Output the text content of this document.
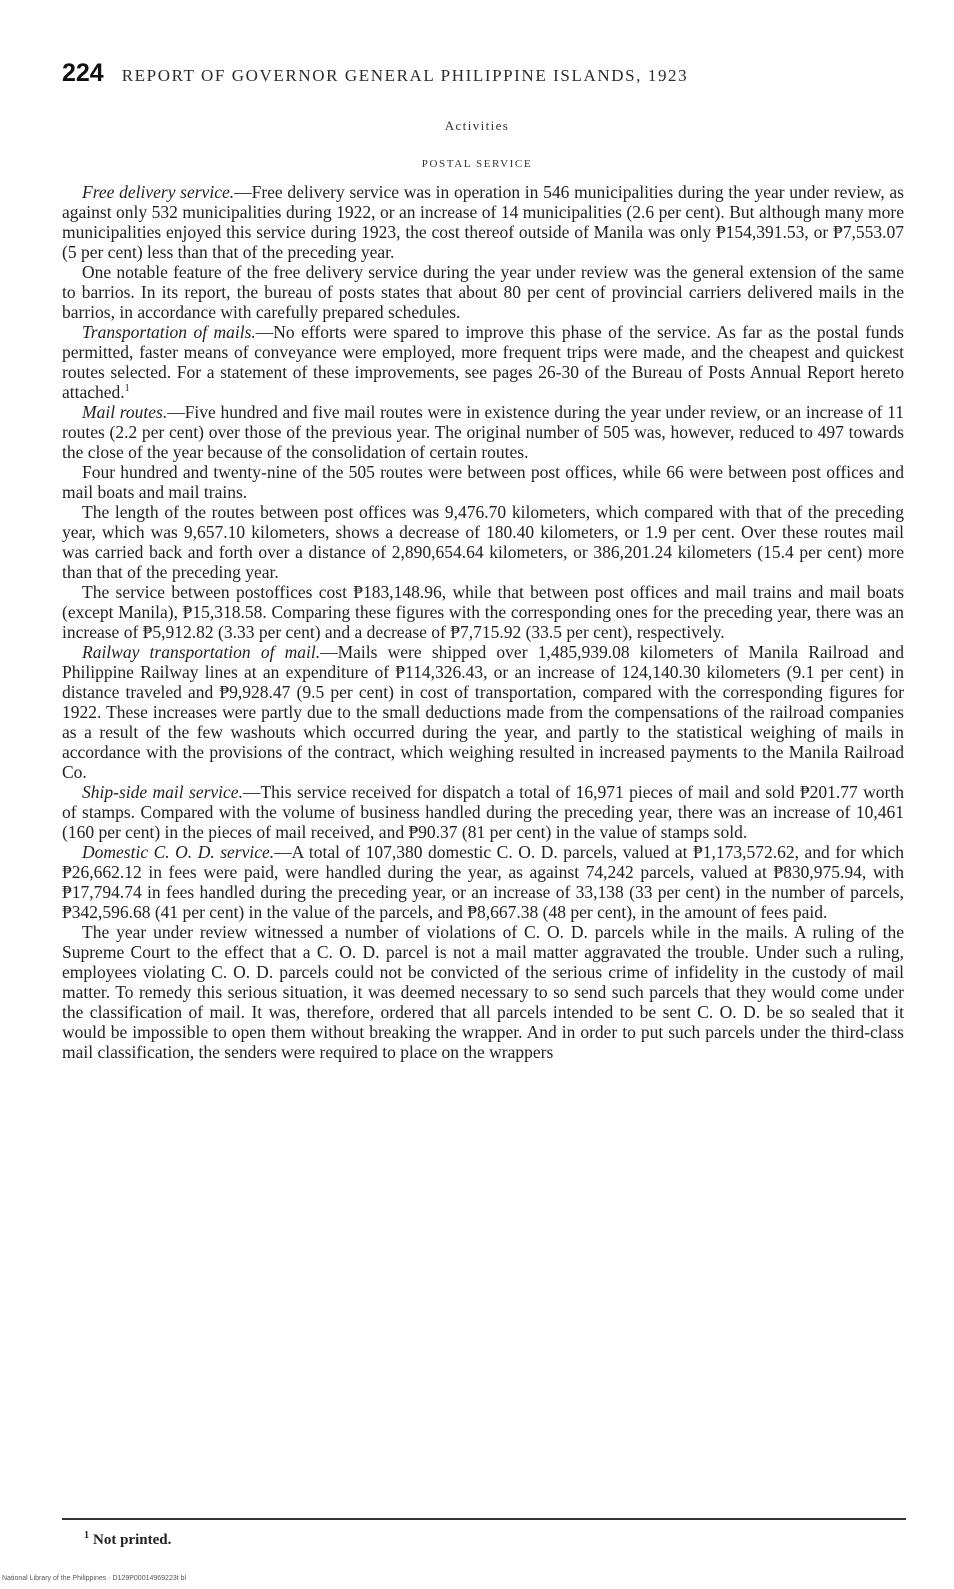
224 REPORT OF GOVERNOR GENERAL PHILIPPINE ISLANDS, 1923
Activities
POSTAL SERVICE

Free delivery service.—Free delivery service was in operation in 546 municipalities during the year under review, as against only 532 municipalities during 1922, or an increase of 14 municipalities (2.6 per cent). But although many more municipalities enjoyed this service during 1923, the cost thereof outside of Manila was only ₱154,391.53, or ₱7,553.07 (5 per cent) less than that of the preceding year.

One notable feature of the free delivery service during the year under review was the general extension of the same to barrios. In its report, the bureau of posts states that about 80 per cent of provincial carriers delivered mails in the barrios, in accordance with carefully prepared schedules.

Transportation of mails.—No efforts were spared to improve this phase of the service. As far as the postal funds permitted, faster means of conveyance were employed, more frequent trips were made, and the cheapest and quickest routes selected. For a statement of these improvements, see pages 26-30 of the Bureau of Posts Annual Report hereto attached.$^1$

Mail routes.—Five hundred and five mail routes were in existence during the year under review, or an increase of 11 routes (2.2 per cent) over those of the previous year. The original number of 505 was, however, reduced to 497 towards the close of the year because of the consolidation of certain routes.

Four hundred and twenty-nine of the 505 routes were between post offices, while 66 were between post offices and mail boats and mail trains.

The length of the routes between post offices was 9,476.70 kilometers, which compared with that of the preceding year, which was 9,657.10 kilometers, shows a decrease of 180.40 kilometers, or 1.9 per cent. Over these routes mail was carried back and forth over a distance of 2,890,654.64 kilometers, or 386,201.24 kilometers (15.4 per cent) more than that of the preceding year.

The service between postoffices cost ₱183,148.96, while that between post offices and mail trains and mail boats (except Manila), ₱15,318.58. Comparing these figures with the corresponding ones for the preceding year, there was an increase of ₱5,912.82 (3.33 per cent) and a decrease of ₱7,715.92 (33.5 per cent), respectively.

Railway transportation of mail.—Mails were shipped over 1,485,939.08 kilometers of Manila Railroad and Philippine Railway lines at an expenditure of ₱114,326.43, or an increase of 124,140.30 kilometers (9.1 per cent) in distance traveled and ₱9,928.47 (9.5 per cent) in cost of transportation, compared with the corresponding figures for 1922. These increases were partly due to the small deductions made from the compensations of the railroad companies as a result of the few washouts which occurred during the year, and partly to the statistical weighing of mails in accordance with the provisions of the contract, which weighing resulted in increased payments to the Manila Railroad Co.

Ship-side mail service.—This service received for dispatch a total of 16,971 pieces of mail and sold ₱201.77 worth of stamps. Compared with the volume of business handled during the preceding year, there was an increase of 10,461 (160 per cent) in the pieces of mail received, and ₱90.37 (81 per cent) in the value of stamps sold.

Domestic C. O. D. service.—A total of 107,380 domestic C. O. D. parcels, valued at ₱1,173,572.62, and for which ₱26,662.12 in fees were paid, were handled during the year, as against 74,242 parcels, valued at ₱830,975.94, with ₱17,794.74 in fees handled during the preceding year, or an increase of 33,138 (33 per cent) in the number of parcels, ₱342,596.68 (41 per cent) in the value of the parcels, and ₱8,667.38 (48 per cent), in the amount of fees paid.

The year under review witnessed a number of violations of C. O. D. parcels while in the mails. A ruling of the Supreme Court to the effect that a C. O. D. parcel is not a mail matter aggravated the trouble. Under such a ruling, employees violating C. O. D. parcels could not be convicted of the serious crime of infidelity in the custody of mail matter. To remedy this serious situation, it was deemed necessary to so send such parcels that they would come under the classification of mail. It was, therefore, ordered that all parcels intended to be sent C. O. D. be so sealed that it would be impossible to open them without breaking the wrapper. And in order to put such parcels under the third-class mail classification, the senders were required to place on the wrappers

$^1$ Not printed.
National Library of the Philippines · D129P00014969223t bl
